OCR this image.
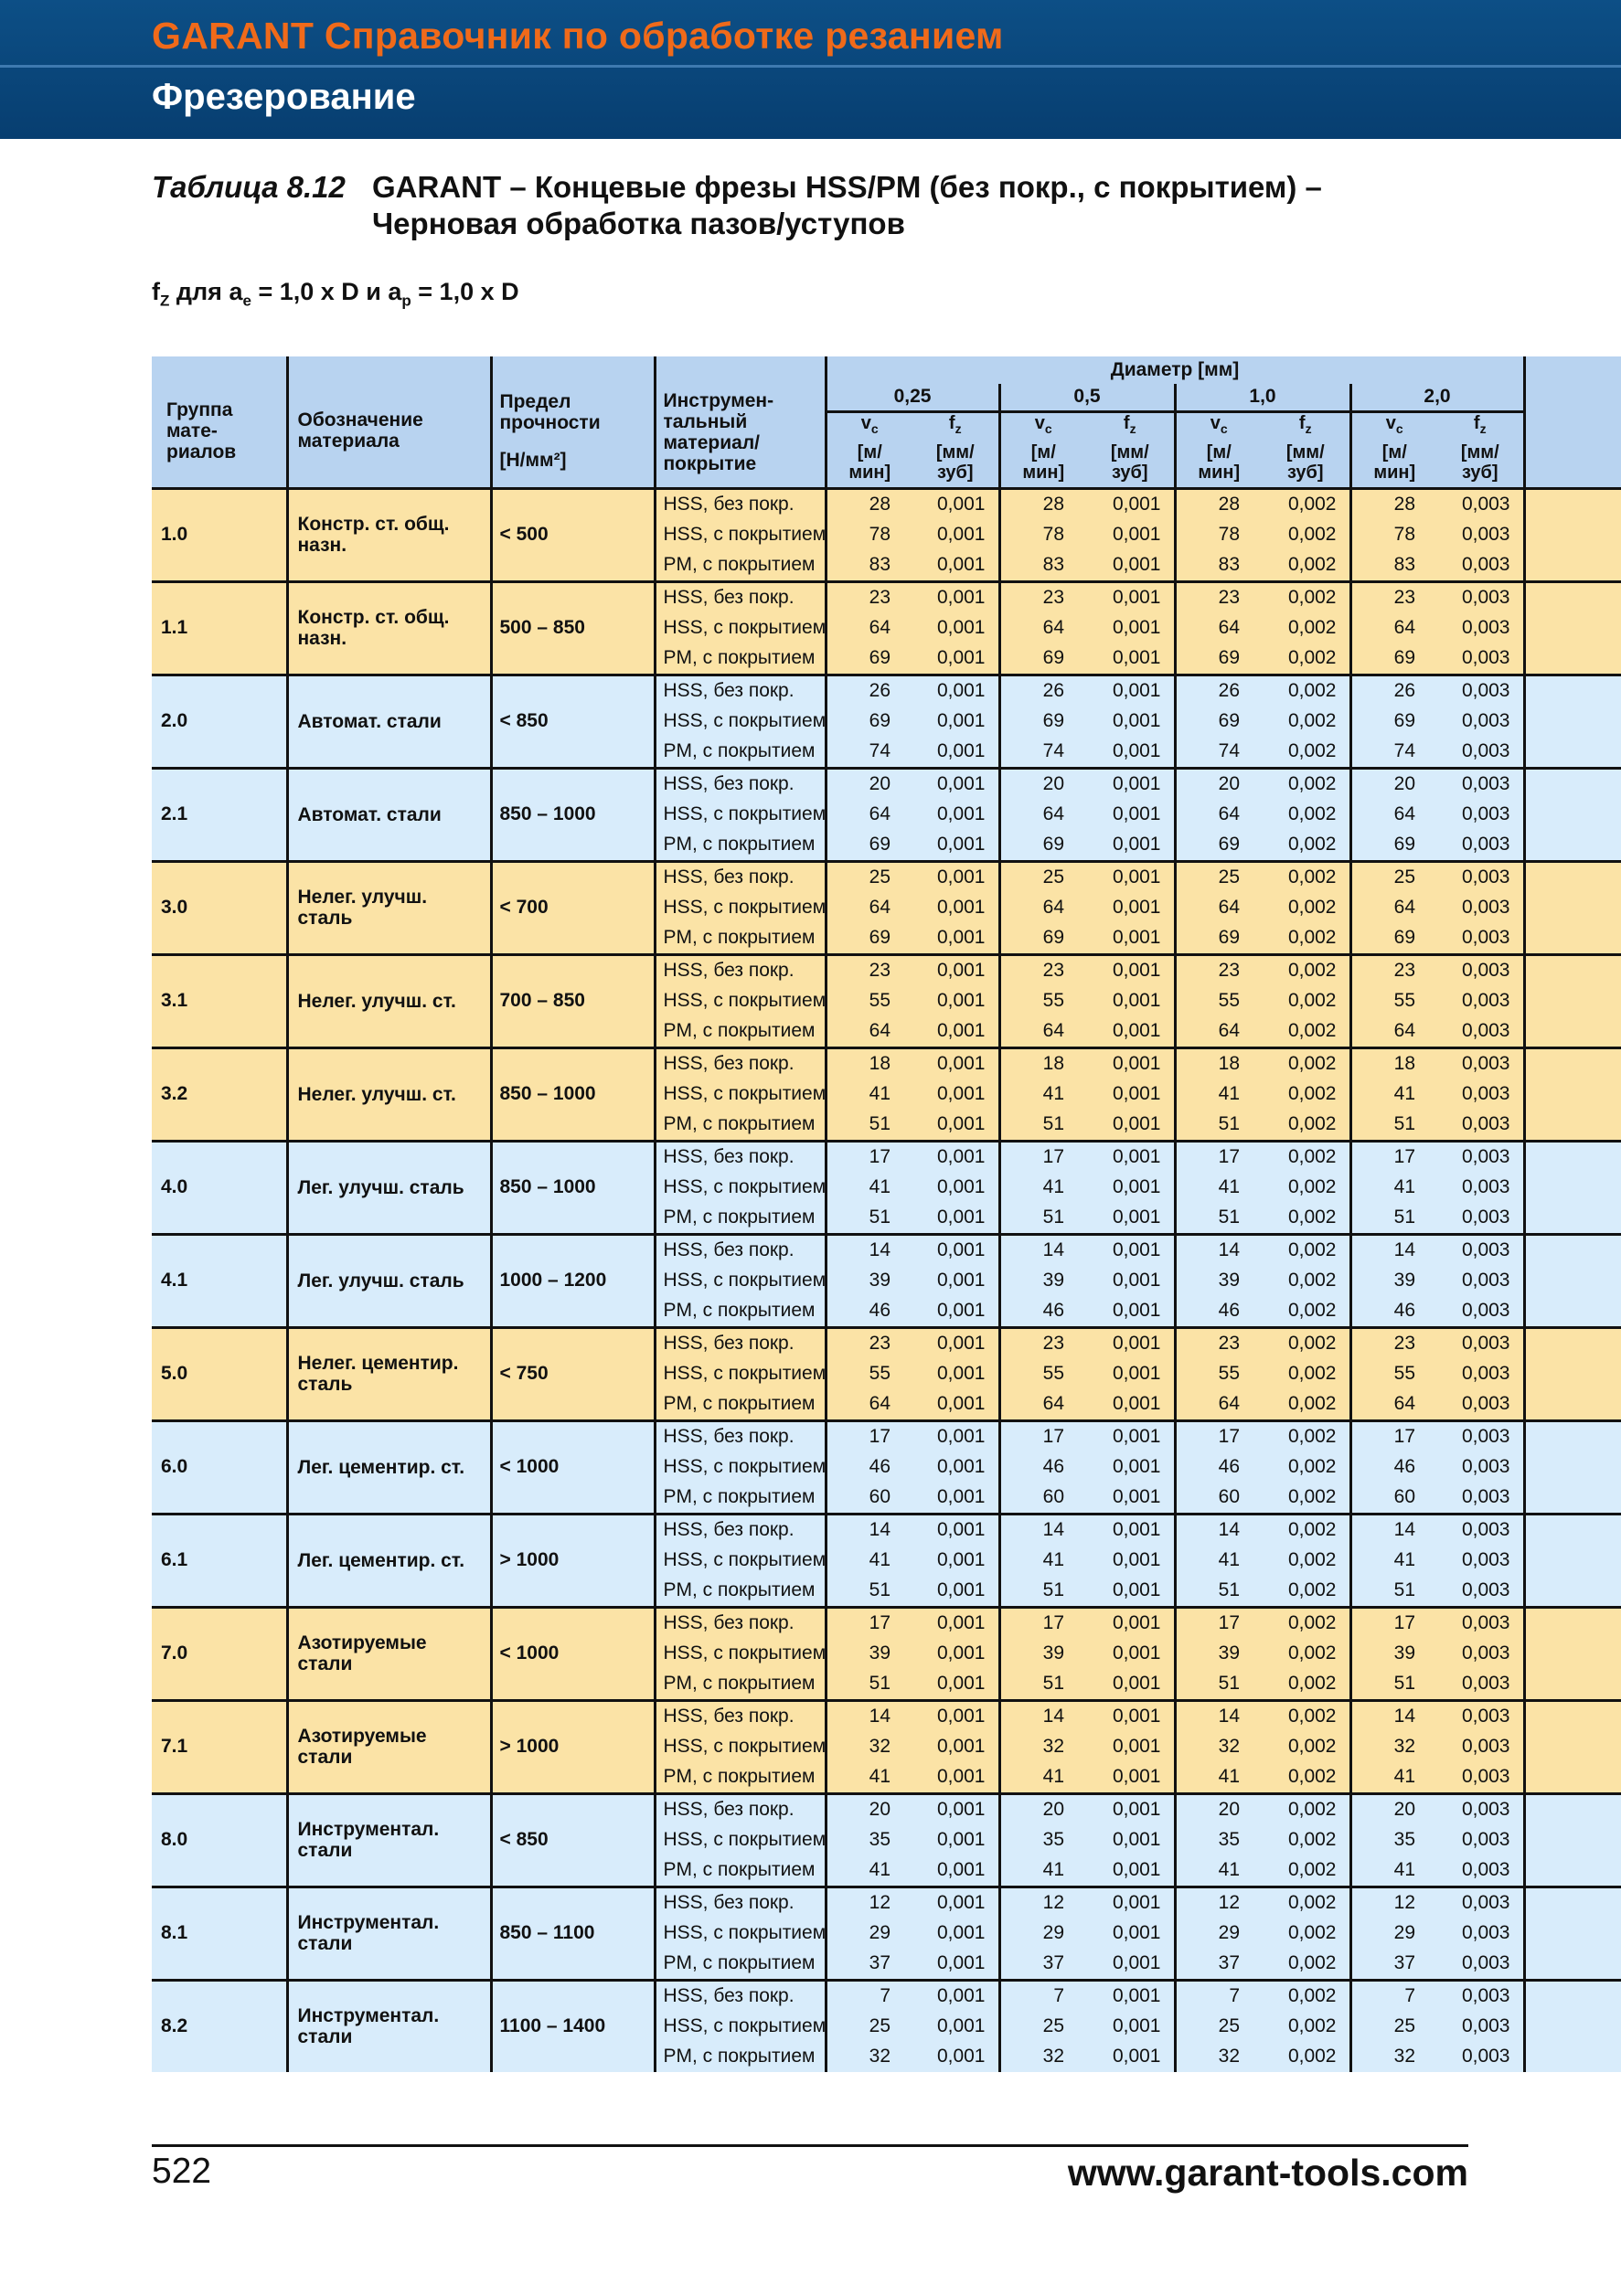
GARANT Справочник по обработке резанием
Фрезерование
Таблица 8.12 GARANT – Концевые фрезы HSS/PM (без покр., с покрытием) –
Черновая обработка пазов/уступов
$f_Z$ для $a_e = 1,0$ x D и $a_p = 1,0$ x D
Группа мате-риалов	Обозначение материала	Предел прочности
[Н/мм²]	Инструмен-тальный материал/ покрытие	Диаметр [мм]								
				0,25		0,5		1,0		2,0		
				$v_c$	$f_z$	$v_c$	$f_z$	$v_c$	$f_z$	$v_c$	$f_z$
				[м/ мин]	[мм/ зуб]	[м/ мин]	[мм/ зуб]	[м/ мин]	[мм/ зуб]	[м/ мин]	[мм/ зуб]	
1.0	Констр. ст. общ. назн.	< 500	HSS, без покр.	28	0,001	28	0,001	28	0,002	28	0,003	
			HSS, с покрытием	78	0,001	78	0,001	78	0,002	78	0,003	
			PM, с покрытием	83	0,001	83	0,001	83	0,002	83	0,003	
1.1	Констр. ст. общ. назн.	500 – 850	HSS, без покр.	23	0,001	23	0,001	23	0,002	23	0,003	
			HSS, с покрытием	64	0,001	64	0,001	64	0,002	64	0,003	
			PM, с покрытием	69	0,001	69	0,001	69	0,002	69	0,003	
2.0	Автомат. стали	< 850	HSS, без покр.	26	0,001	26	0,001	26	0,002	26	0,003	
			HSS, с покрытием	69	0,001	69	0,001	69	0,002	69	0,003	
			PM, с покрытием	74	0,001	74	0,001	74	0,002	74	0,003	
2.1	Автомат. стали	850 – 1000	HSS, без покр.	20	0,001	20	0,001	20	0,002	20	0,003	
			HSS, с покрытием	64	0,001	64	0,001	64	0,002	64	0,003	
			PM, с покрытием	69	0,001	69	0,001	69	0,002	69	0,003	
3.0	Нелег. улучш. сталь	< 700	HSS, без покр.	25	0,001	25	0,001	25	0,002	25	0,003	
			HSS, с покрытием	64	0,001	64	0,001	64	0,002	64	0,003	
			PM, с покрытием	69	0,001	69	0,001	69	0,002	69	0,003	
3.1	Нелег. улучш. ст.	700 – 850	HSS, без покр.	23	0,001	23	0,001	23	0,002	23	0,003	
			HSS, с покрытием	55	0,001	55	0,001	55	0,002	55	0,003	
			PM, с покрытием	64	0,001	64	0,001	64	0,002	64	0,003	
3.2	Нелег. улучш. ст.	850 – 1000	HSS, без покр.	18	0,001	18	0,001	18	0,002	18	0,003	
			HSS, с покрытием	41	0,001	41	0,001	41	0,002	41	0,003	
			PM, с покрытием	51	0,001	51	0,001	51	0,002	51	0,003	
4.0	Лег. улучш. сталь	850 – 1000	HSS, без покр.	17	0,001	17	0,001	17	0,002	17	0,003	
			HSS, с покрытием	41	0,001	41	0,001	41	0,002	41	0,003	
			PM, с покрытием	51	0,001	51	0,001	51	0,002	51	0,003	
4.1	Лег. улучш. сталь	1000 – 1200	HSS, без покр.	14	0,001	14	0,001	14	0,002	14	0,003	
			HSS, с покрытием	39	0,001	39	0,001	39	0,002	39	0,003	
			PM, с покрытием	46	0,001	46	0,001	46	0,002	46	0,003	
5.0	Нелег. цементир. сталь	< 750	HSS, без покр.	23	0,001	23	0,001	23	0,002	23	0,003	
			HSS, с покрытием	55	0,001	55	0,001	55	0,002	55	0,003	
			PM, с покрытием	64	0,001	64	0,001	64	0,002	64	0,003	
6.0	Лег. цементир. ст.	< 1000	HSS, без покр.	17	0,001	17	0,001	17	0,002	17	0,003	
			HSS, с покрытием	46	0,001	46	0,001	46	0,002	46	0,003	
			PM, с покрытием	60	0,001	60	0,001	60	0,002	60	0,003	
6.1	Лег. цементир. ст.	> 1000	HSS, без покр.	14	0,001	14	0,001	14	0,002	14	0,003	
			HSS, с покрытием	41	0,001	41	0,001	41	0,002	41	0,003	
			PM, с покрытием	51	0,001	51	0,001	51	0,002	51	0,003	
7.0	Азотируемые стали	< 1000	HSS, без покр.	17	0,001	17	0,001	17	0,002	17	0,003	
			HSS, с покрытием	39	0,001	39	0,001	39	0,002	39	0,003	
			PM, с покрытием	51	0,001	51	0,001	51	0,002	51	0,003	
7.1	Азотируемые стали	> 1000	HSS, без покр.	14	0,001	14	0,001	14	0,002	14	0,003	
			HSS, с покрытием	32	0,001	32	0,001	32	0,002	32	0,003	
			PM, с покрытием	41	0,001	41	0,001	41	0,002	41	0,003	
8.0	Инструментал. стали	< 850	HSS, без покр.	20	0,001	20	0,001	20	0,002	20	0,003	
			HSS, с покрытием	35	0,001	35	0,001	35	0,002	35	0,003	
			PM, с покрытием	41	0,001	41	0,001	41	0,002	41	0,003	
8.1	Инструментал. стали	850 – 1100	HSS, без покр.	12	0,001	12	0,001	12	0,002	12	0,003	
			HSS, с покрытием	29	0,001	29	0,001	29	0,002	29	0,003	
			PM, с покрытием	37	0,001	37	0,001	37	0,002	37	0,003	
8.2	Инструментал. стали	1100 – 1400	HSS, без покр.	7	0,001	7	0,001	7	0,002	7	0,003	
			HSS, с покрытием	25	0,001	25	0,001	25	0,002	25	0,003	
			PM, с покрытием	32	0,001	32	0,001	32	0,002	32	0,003	
522	www.garant-tools.com
